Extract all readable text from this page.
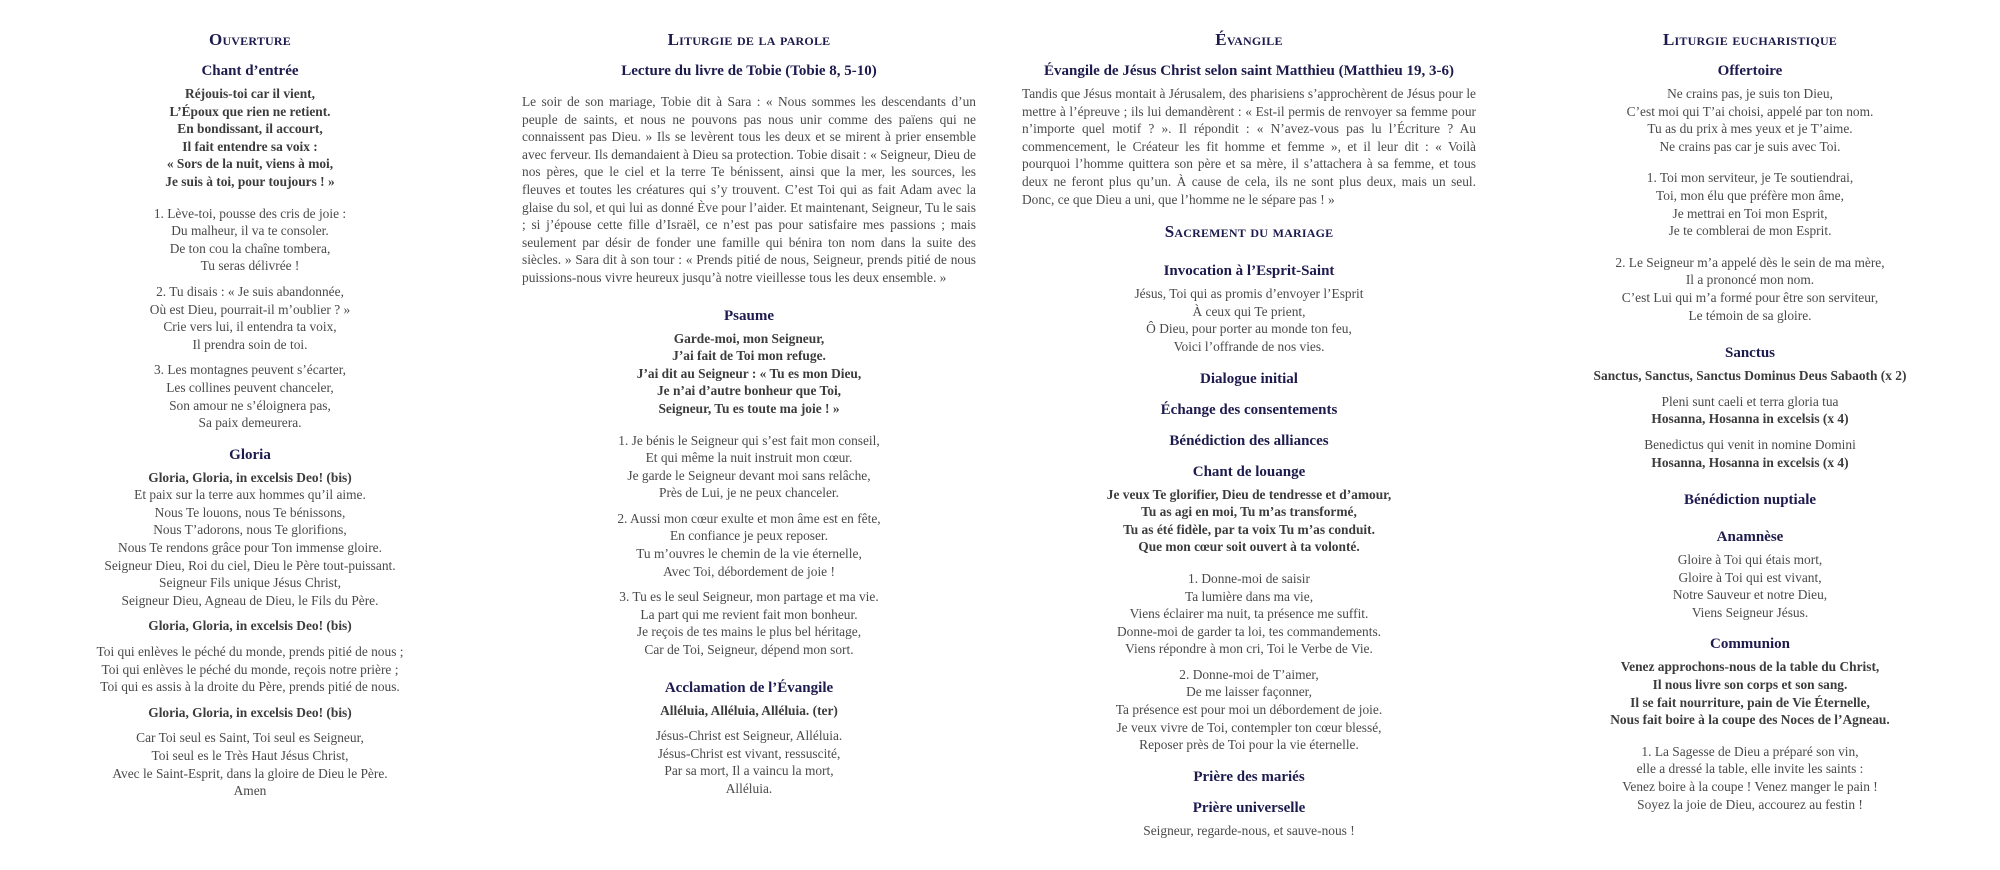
Ouverture
Chant d’entrée
Réjouis-toi car il vient,
L’Époux que rien ne retient.
En bondissant, il accourt,
Il fait entendre sa voix :
« Sors de la nuit, viens à moi,
Je suis à toi, pour toujours ! »
1. Lève-toi, pousse des cris de joie :
Du malheur, il va te consoler.
De ton cou la chaîne tombera,
Tu seras délivrée !
2. Tu disais : « Je suis abandonnée,
Où est Dieu, pourrait-il m’oublier ? »
Crie vers lui, il entendra ta voix,
Il prendra soin de toi.
3. Les montagnes peuvent s’écarter,
Les collines peuvent chanceler,
Son amour ne s’éloignera pas,
Sa paix demeurera.
Gloria
Gloria, Gloria, in excelsis Deo! (bis)
Et paix sur la terre aux hommes qu’il aime.
Nous Te louons, nous Te bénissons,
Nous T’adorons, nous Te glorifions,
Nous Te rendons grâce pour Ton immense gloire.
Seigneur Dieu, Roi du ciel, Dieu le Père tout-puissant.
Seigneur Fils unique Jésus Christ,
Seigneur Dieu, Agneau de Dieu, le Fils du Père.
Gloria, Gloria, in excelsis Deo! (bis)
Toi qui enlèves le péché du monde, prends pitié de nous ;
Toi qui enlèves le péché du monde, reçois notre prière ;
Toi qui es assis à la droite du Père, prends pitié de nous.
Gloria, Gloria, in excelsis Deo! (bis)
Car Toi seul es Saint, Toi seul es Seigneur,
Toi seul es le Très Haut Jésus Christ,
Avec le Saint-Esprit, dans la gloire de Dieu le Père.
Amen
Liturgie de la parole
Lecture du livre de Tobie (Tobie 8, 5-10)

Le soir de son mariage, Tobie dit à Sara : « Nous sommes les descendants d’un peuple de saints, et nous ne pouvons pas nous unir comme des païens qui ne connaissent pas Dieu. » Ils se levèrent tous les deux et se mirent à prier ensemble avec ferveur. Ils demandaient à Dieu sa protection. Tobie disait : « Seigneur, Dieu de nos pères, que le ciel et la terre Te bénissent, ainsi que la mer, les sources, les fleuves et toutes les créatures qui s’y trouvent. C’est Toi qui as fait Adam avec la glaise du sol, et qui lui as donné Ève pour l’aider. Et maintenant, Seigneur, Tu le sais ; si j’épouse cette fille d’Israël, ce n’est pas pour satisfaire mes passions ; mais seulement par désir de fonder une famille qui bénira ton nom dans la suite des siècles. » Sara dit à son tour : « Prends pitié de nous, Seigneur, prends pitié de nous puissions-nous vivre heureux jusqu’à notre vieillesse tous les deux ensemble. »

Psaume
Garde-moi, mon Seigneur,
J’ai fait de Toi mon refuge.
J’ai dit au Seigneur : « Tu es mon Dieu,
Je n’ai d’autre bonheur que Toi,
Seigneur, Tu es toute ma joie ! »
1. Je bénis le Seigneur qui s’est fait mon conseil,
Et qui même la nuit instruit mon cœur.
Je garde le Seigneur devant moi sans relâche,
Près de Lui, je ne peux chanceler.
2. Aussi mon cœur exulte et mon âme est en fête,
En confiance je peux reposer.
Tu m’ouvres le chemin de la vie éternelle,
Avec Toi, débordement de joie !
3. Tu es le seul Seigneur, mon partage et ma vie.
La part qui me revient fait mon bonheur.
Je reçois de tes mains le plus bel héritage,
Car de Toi, Seigneur, dépend mon sort.
Acclamation de l’Évangile
Alléluia, Alléluia, Alléluia. (ter)
Jésus-Christ est Seigneur, Alléluia.
Jésus-Christ est vivant, ressuscité,
Par sa mort, Il a vaincu la mort,
Alléluia.
Évangile
Évangile de Jésus Christ selon saint Matthieu (Matthieu 19, 3-6)

Tandis que Jésus montait à Jérusalem, des pharisiens s’approchèrent de Jésus pour le mettre à l’épreuve ; ils lui demandèrent : « Est-il permis de renvoyer sa femme pour n’importe quel motif ? ». Il répondit : « N’avez-vous pas lu l’Écriture ? Au commencement, le Créateur les fit homme et femme », et il leur dit : « Voilà pourquoi l’homme quittera son père et sa mère, il s’attachera à sa femme, et tous deux ne feront plus qu’un. À cause de cela, ils ne sont plus deux, mais un seul. Donc, ce que Dieu a uni, que l’homme ne le sépare pas ! »

Sacrement du mariage
Invocation à l’Esprit-Saint
Jésus, Toi qui as promis d’envoyer l’Esprit
À ceux qui Te prient,
Ô Dieu, pour porter au monde ton feu,
Voici l’offrande de nos vies.
Dialogue initial
Échange des consentements
Bénédiction des alliances
Chant de louange
Je veux Te glorifier, Dieu de tendresse et d’amour,
Tu as agi en moi, Tu m’as transformé,
Tu as été fidèle, par ta voix Tu m’as conduit.
Que mon cœur soit ouvert à ta volonté.
1. Donne-moi de saisir
Ta lumière dans ma vie,
Viens éclairer ma nuit, ta présence me suffit.
Donne-moi de garder ta loi, tes commandements.
Viens répondre à mon cri, Toi le Verbe de Vie.
2. Donne-moi de T’aimer,
De me laisser façonner,
Ta présence est pour moi un débordement de joie.
Je veux vivre de Toi, contempler ton cœur blessé,
Reposer près de Toi pour la vie éternelle.
Prière des mariés
Prière universelle
Seigneur, regarde-nous, et sauve-nous !
Liturgie eucharistique
Offertoire
Ne crains pas, je suis ton Dieu,
C’est moi qui T’ai choisi, appelé par ton nom.
Tu as du prix à mes yeux et je T’aime.
Ne crains pas car je suis avec Toi.
1. Toi mon serviteur, je Te soutiendrai,
Toi, mon élu que préfère mon âme,
Je mettrai en Toi mon Esprit,
Je te comblerai de mon Esprit.
2. Le Seigneur m’a appelé dès le sein de ma mère,
Il a prononcé mon nom.
C’est Lui qui m’a formé pour être son serviteur,
Le témoin de sa gloire.
Sanctus
Sanctus, Sanctus, Sanctus Dominus Deus Sabaoth (x 2)
Pleni sunt caeli et terra gloria tua
Hosanna, Hosanna in excelsis (x 4)
Benedictus qui venit in nomine Domini
Hosanna, Hosanna in excelsis (x 4)
Bénédiction nuptiale
Anamnèse
Gloire à Toi qui étais mort,
Gloire à Toi qui est vivant,
Notre Sauveur et notre Dieu,
Viens Seigneur Jésus.
Communion
Venez approchons-nous de la table du Christ,
Il nous livre son corps et son sang.
Il se fait nourriture, pain de Vie Éternelle,
Nous fait boire à la coupe des Noces de l’Agneau.
1. La Sagesse de Dieu a préparé son vin,
elle a dressé la table, elle invite les saints :
Venez boire à la coupe ! Venez manger le pain !
Soyez la joie de Dieu, accourez au festin !
